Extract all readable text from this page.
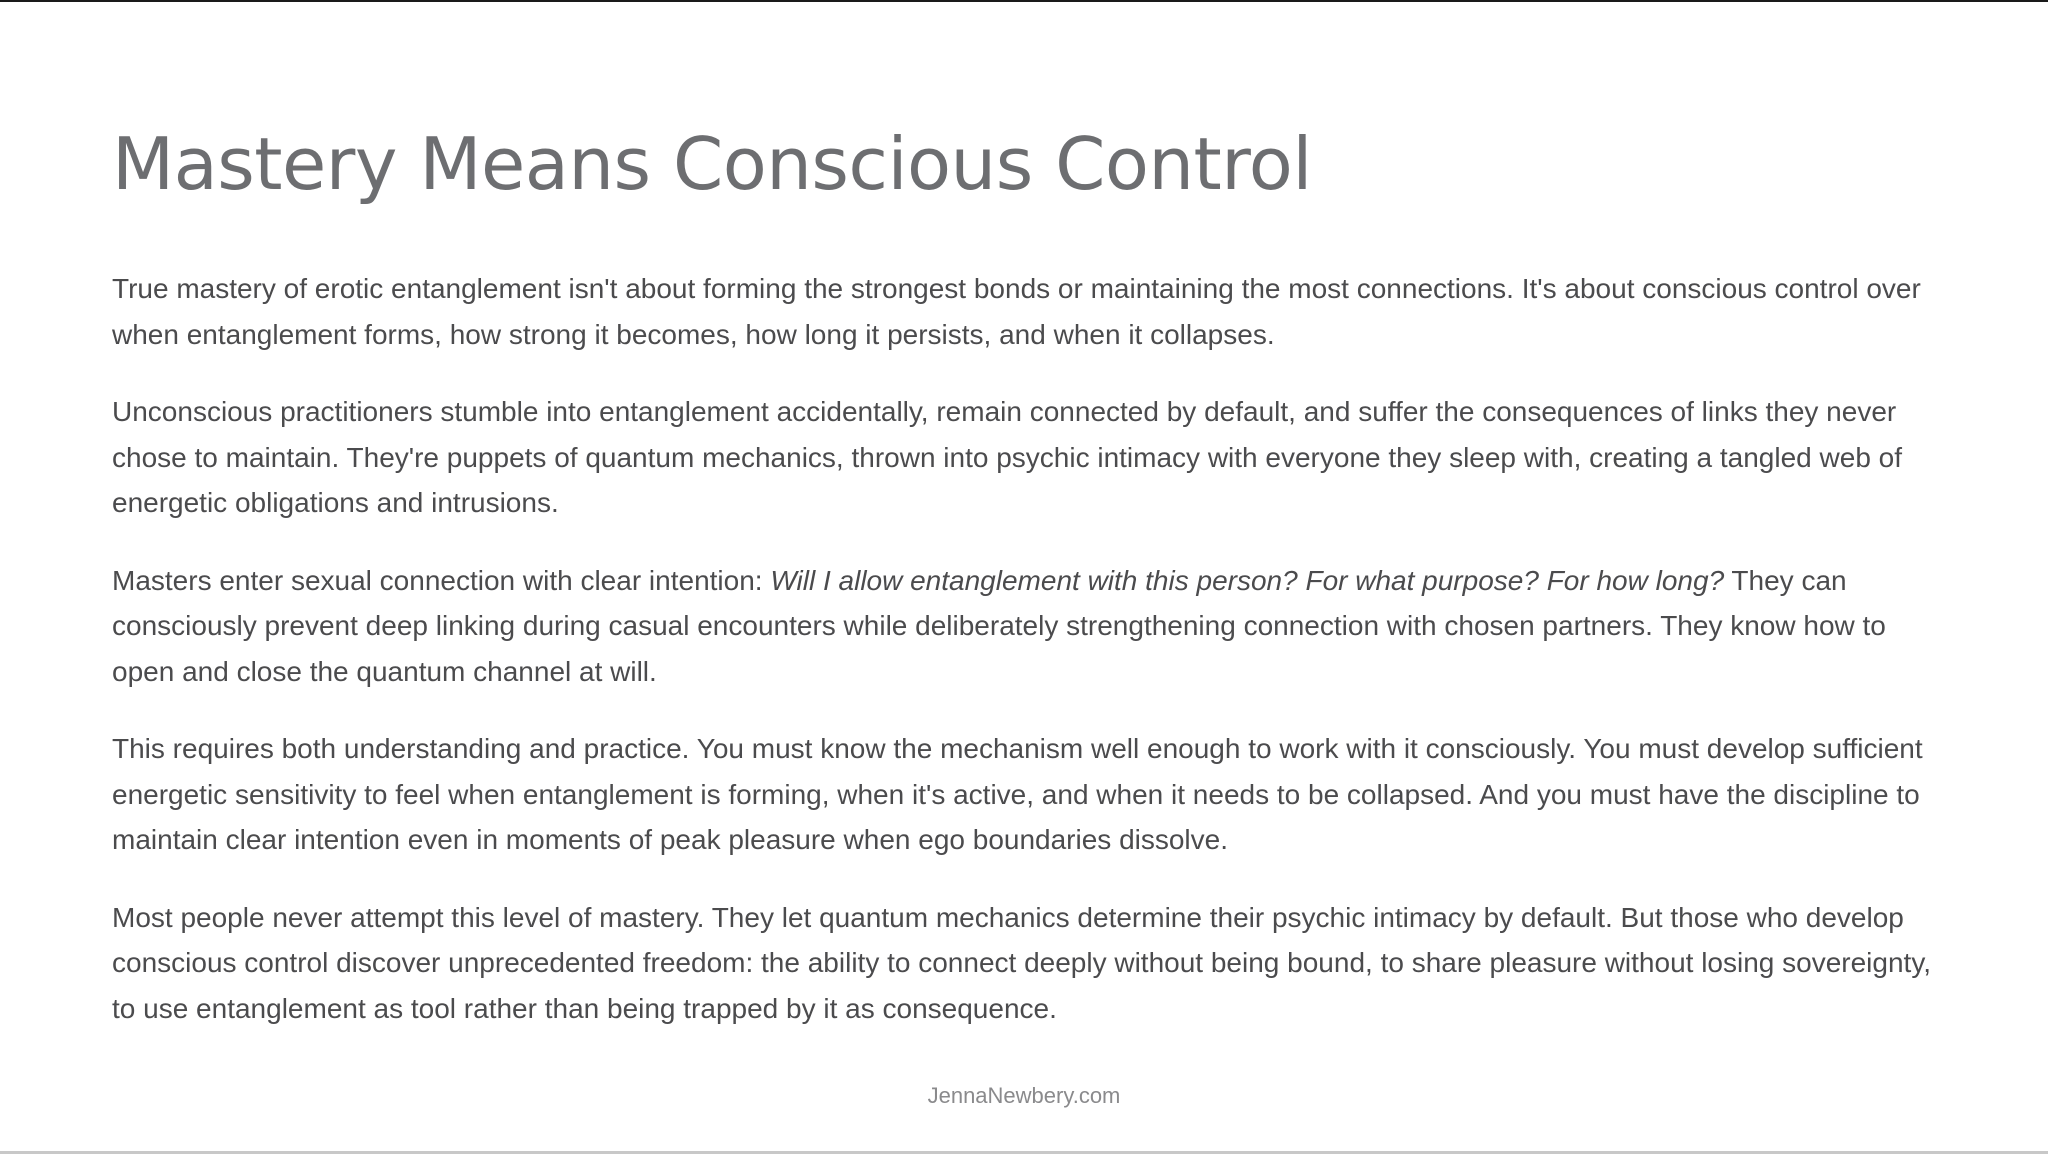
Mastery Means Conscious Control

True mastery of erotic entanglement isn't about forming the strongest bonds or maintaining the most connections. It's about conscious control over when entanglement forms, how strong it becomes, how long it persists, and when it collapses.

Unconscious practitioners stumble into entanglement accidentally, remain connected by default, and suffer the consequences of links they never chose to maintain. They're puppets of quantum mechanics, thrown into psychic intimacy with everyone they sleep with, creating a tangled web of energetic obligations and intrusions.

Masters enter sexual connection with clear intention: Will I allow entanglement with this person? For what purpose? For how long? They can consciously prevent deep linking during casual encounters while deliberately strengthening connection with chosen partners. They know how to open and close the quantum channel at will.

This requires both understanding and practice. You must know the mechanism well enough to work with it consciously. You must develop sufficient energetic sensitivity to feel when entanglement is forming, when it's active, and when it needs to be collapsed. And you must have the discipline to maintain clear intention even in moments of peak pleasure when ego boundaries dissolve.

Most people never attempt this level of mastery. They let quantum mechanics determine their psychic intimacy by default. But those who develop conscious control discover unprecedented freedom: the ability to connect deeply without being bound, to share pleasure without losing sovereignty, to use entanglement as tool rather than being trapped by it as consequence.

JennaNewbery.com
